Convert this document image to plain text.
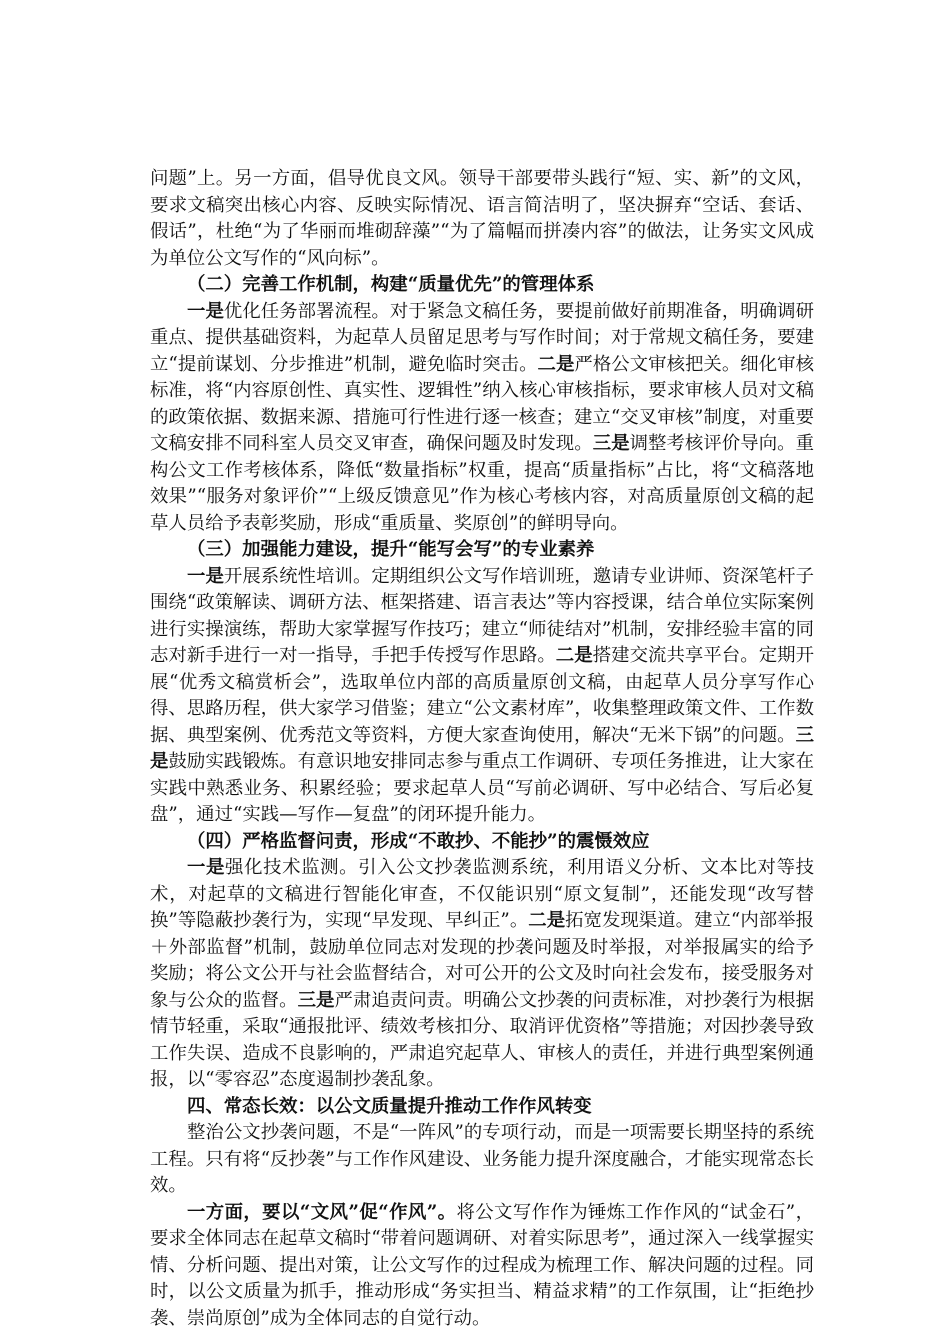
问题”上。另一方面，倡导优良文风。领导干部要带头践行“短、实、新”的文风，要求文稿突出核心内容、反映实际情况、语言简洁明了，坚决摒弃“空话、套话、假话”，杜绝“为了华丽而堆砌辞藻”“为了篇幅而拼凑内容”的做法，让务实文风成为单位公文写作的“风向标”。

（二）完善工作机制，构建“质量优先”的管理体系

一是优化任务部署流程。对于紧急文稿任务，要提前做好前期准备，明确调研重点、提供基础资料，为起草人员留足思考与写作时间；对于常规文稿任务，要建立“提前谋划、分步推进”机制，避免临时突击。二是严格公文审核把关。细化审核标准，将“内容原创性、真实性、逻辑性”纳入核心审核指标，要求审核人员对文稿的政策依据、数据来源、措施可行性进行逐一核查；建立“交叉审核”制度，对重要文稿安排不同科室人员交叉审查，确保问题及时发现。三是调整考核评价导向。重构公文工作考核体系，降低“数量指标”权重，提高“质量指标”占比，将“文稿落地效果”“服务对象评价”“上级反馈意见”作为核心考核内容，对高质量原创文稿的起草人员给予表彰奖励，形成“重质量、奖原创”的鲜明导向。

（三）加强能力建设，提升“能写会写”的专业素养

一是开展系统性培训。定期组织公文写作培训班，邀请专业讲师、资深笔杆子围绕“政策解读、调研方法、框架搭建、语言表达”等内容授课，结合单位实际案例进行实操演练，帮助大家掌握写作技巧；建立“师徒结对”机制，安排经验丰富的同志对新手进行一对一指导，手把手传授写作思路。二是搭建交流共享平台。定期开展“优秀文稿赏析会”，选取单位内部的高质量原创文稿，由起草人员分享写作心得、思路历程，供大家学习借鉴；建立“公文素材库”，收集整理政策文件、工作数据、典型案例、优秀范文等资料，方便大家查询使用，解决“无米下锅”的问题。三是鼓励实践锻炼。有意识地安排同志参与重点工作调研、专项任务推进，让大家在实践中熟悉业务、积累经验；要求起草人员“写前必调研、写中必结合、写后必复盘”，通过“实践—写作—复盘”的闭环提升能力。

（四）严格监督问责，形成“不敢抄、不能抄”的震慑效应

一是强化技术监测。引入公文抄袭监测系统，利用语义分析、文本比对等技术，对起草的文稿进行智能化审查，不仅能识别“原文复制”，还能发现“改写替换”等隐蔽抄袭行为，实现“早发现、早纠正”。二是拓宽发现渠道。建立“内部举报＋外部监督”机制，鼓励单位同志对发现的抄袭问题及时举报，对举报属实的给予奖励；将公文公开与社会监督结合，对可公开的公文及时向社会发布，接受服务对象与公众的监督。三是严肃追责问责。明确公文抄袭的问责标准，对抄袭行为根据情节轻重，采取“通报批评、绩效考核扣分、取消评优资格”等措施；对因抄袭导致工作失误、造成不良影响的，严肃追究起草人、审核人的责任，并进行典型案例通报，以“零容忍”态度遏制抄袭乱象。

四、常态长效：以公文质量提升推动工作作风转变

整治公文抄袭问题，不是“一阵风”的专项行动，而是一项需要长期坚持的系统工程。只有将“反抄袭”与工作作风建设、业务能力提升深度融合，才能实现常态长效。

一方面，要以“文风”促“作风”。将公文写作作为锤炼工作作风的“试金石”，要求全体同志在起草文稿时“带着问题调研、对着实际思考”，通过深入一线掌握实情、分析问题、提出对策，让公文写作的过程成为梳理工作、解决问题的过程。同时，以公文质量为抓手，推动形成“务实担当、精益求精”的工作氛围，让“拒绝抄袭、崇尚原创”成为全体同志的自觉行动。
